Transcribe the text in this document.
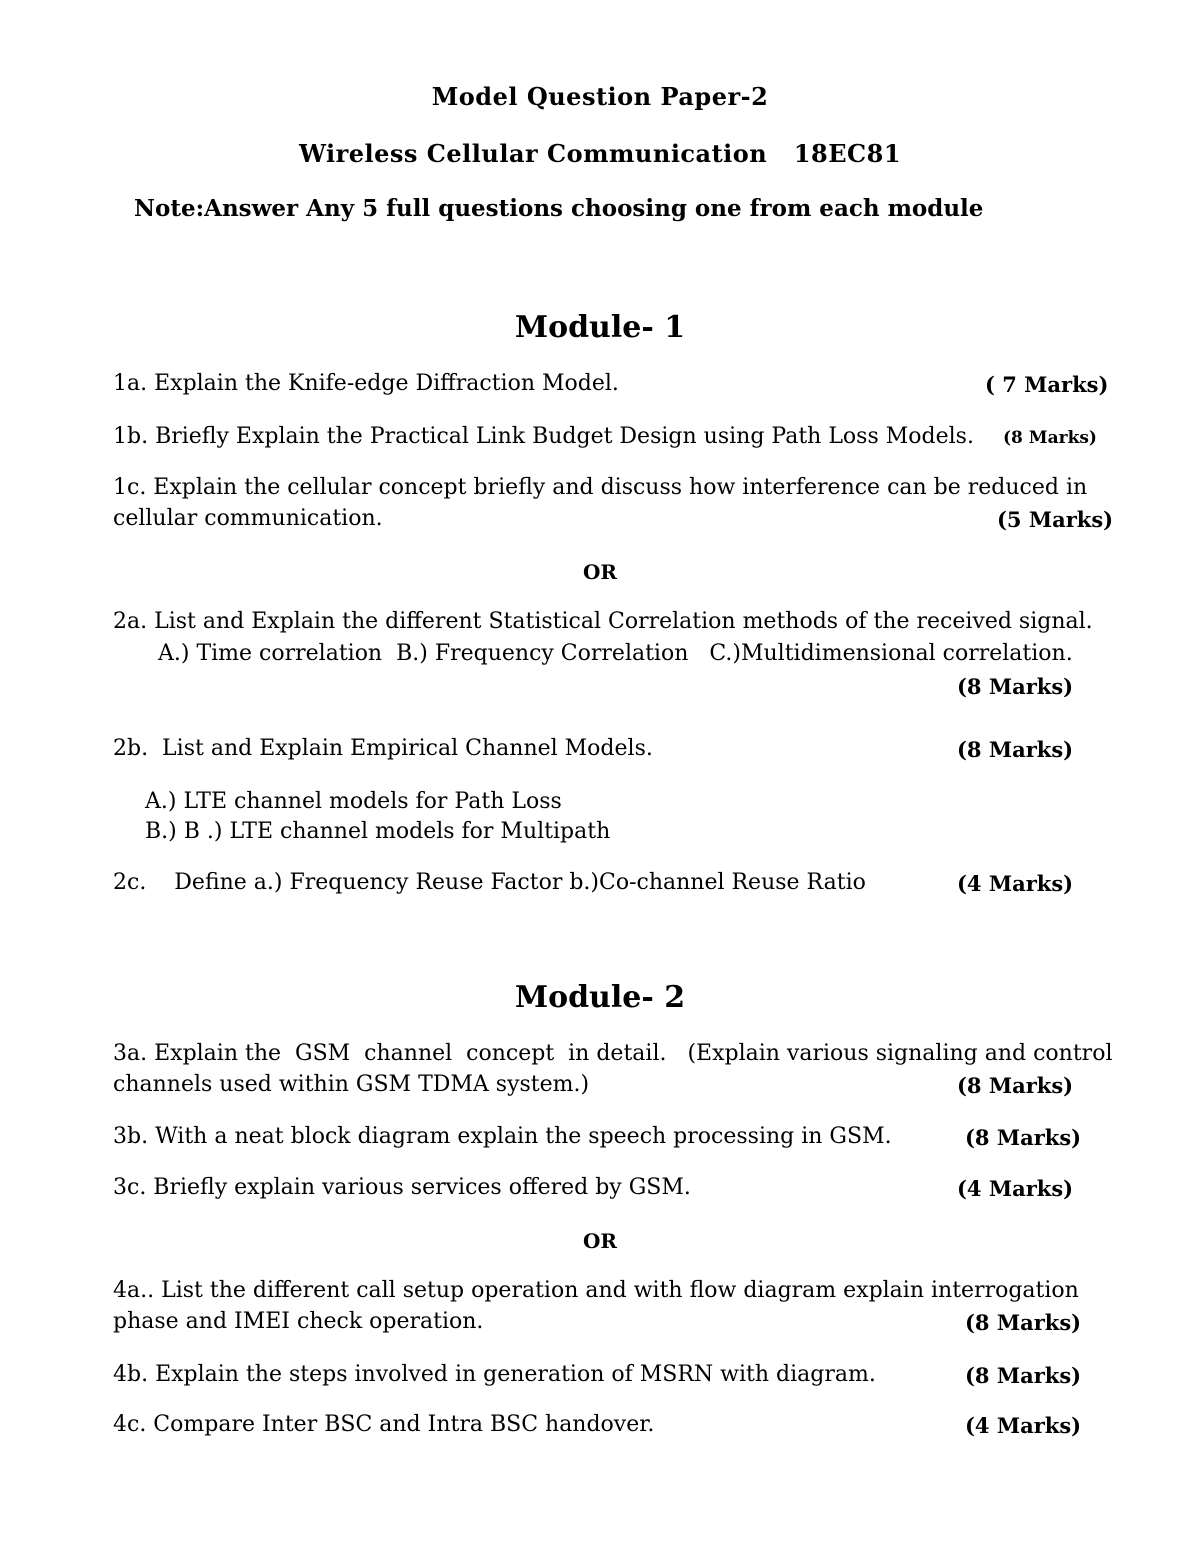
Model Question Paper-2
Wireless Cellular Communication   18EC81
Note:Answer Any 5 full questions choosing one from each module
Module- 1
1a. Explain the Knife-edge Diffraction Model.	( 7 Marks)
1b. Briefly Explain the Practical Link Budget Design using Path Loss Models. (8 Marks)
1c. Explain the cellular concept briefly and discuss how interference can be reduced in
cellular communication.	(5 Marks)
OR
2a. List and Explain the different Statistical Correlation methods of the received signal.
A.) Time correlation  B.) Frequency Correlation   C.)Multidimensional correlation.
(8 Marks)
2b.  List and Explain Empirical Channel Models.	(8 Marks)
A.) LTE channel models for Path Loss
B.) B .) LTE channel models for Multipath
2c.    Define a.) Frequency Reuse Factor b.)Co-channel Reuse Ratio	(4 Marks)
Module- 2
3a. Explain the  GSM  channel  concept  in detail.   (Explain various signaling and control
channels used within GSM TDMA system.)	(8 Marks)
3b. With a neat block diagram explain the speech processing in GSM.	(8 Marks)
3c. Briefly explain various services offered by GSM.	(4 Marks)
OR
4a.. List the different call setup operation and with flow diagram explain interrogation
phase and IMEI check operation.	(8 Marks)
4b. Explain the steps involved in generation of MSRN with diagram.	(8 Marks)
4c. Compare Inter BSC and Intra BSC handover.	(4 Marks)
